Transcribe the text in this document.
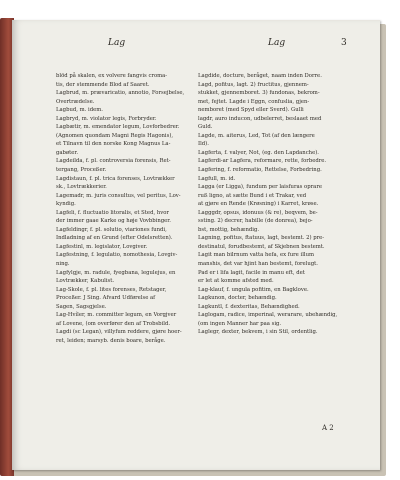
Lag	Lag	3
blöd på skalen, ex volvere fangvis croma-
tis, der stemmende Blod af Saaret.
Lagbrud, m. prævaricatio, annotio, Forsejbelse,
Overtrædelse.
Lagbud, m. idem.
Lagbryd, m. violator legis, Forbryder.
Lagbætir, m. emendator legum, Lovforbedrer.
(Agnomen quondam Magni Regis Hagonis),
et Tilnavn til den norske Kong Magnus La-
gabøter.
Lagdeilda, f. pl. controversia forensis, Ret-
tergang, Proceßer.
Lagdistaun, f. pl. trica forenses, Lovtrækker
sk., Lovtrækkerier.
Lagemadr, m. juris consultus, vel peritus, Lov-
kyndig.
Lagfeli, f. fluctuatio litoralis, et Sted, hvor
der immer gaae Karke og høje Vovbbinger.
Lagfeldingr, f. pl. solutio, viariones fundi,
Indladning af en Grund (efter Odelsretten).
Lagfestinl, m. legislator, Lovgiver.
Lagfestning, f. legulatio, nomothesia, Lovgiv-
ning.
Lagfylgje, m. radule, fyegbana, legulejus, en
Lovtrækker, Kabulist.
Lag-Skole, f. pl. lites forenses, Retstager,
Proceßer. J Sing. Afvard Udførelse af
Sagen, Sagsgjelse.
Lag-Hvíler, m. committer legum, en Vorgjver
af Lovene, (om overfører den af Trobsbild.
Lagdi (sc Legan), villyfum reddere, gjøre hoer-
ret, leiden; marsyb. denis boare, beråge.
Lagdide, docture, beråget, naam inden Dorre.
Lagd, pofitus, lagt. 2) fructitus, gjennem-
stukket, gjennemboret. 3) fundonas, bekrom-
met, fejtet. Lagde i Eggn, confuslia, gjen-
nemboret (med Spyd eller Sverd). Gulli
lagdr, auro inducon, udbelerret, beslaaet med
Guld.
Lagde, m. aiterus, Led, Tot (af den længere
Ild).
Lagferta, f. valyer, Not, (eg. den Lapdanche).
Lagferdi-ar Lagfera, reformare, rette, forbedre.
Lagfering, f. reformatio, Rettelse, Forbedring.
Lagfull, m. id.
Lagga (er Ligga), fundum per laisfuras oprare
ruß ligno, at sætte Bund i et Trakar, ved
at gjøre en Rende (Krøsning) i Karret, krøse.
Lagggdr, opsus, idonuus (& re), beqvem, be-
ssting. 2) decrer, habille (de donrea), bejo-
bst, mottig, behændig.
Lagning, pofitus, ftatuus, lagt, bestemt. 2) pre-
destinatul, forudbestemt, af Skjebnen bestemt.
Lagit man bilrnum vatta hefa, ex fure illum
manshis, det var hjint han bestemt, forelugt.
Pad er i lifa lagit, facile in manu eft, det
er let at komme afsted med.
Lag-klauf, f. ungula pofitim, en Bagklove.
Lagkunon, docter, behændig.
Lagkuntl, f. dexteritas, Behændighed.
Laglogam, radice, imperinal, werarare, ubehændig,
(om ingen Manner har paa sig.
Laglegr, dexter, bekvem, i sin Stil, ordentlig.
A 2
